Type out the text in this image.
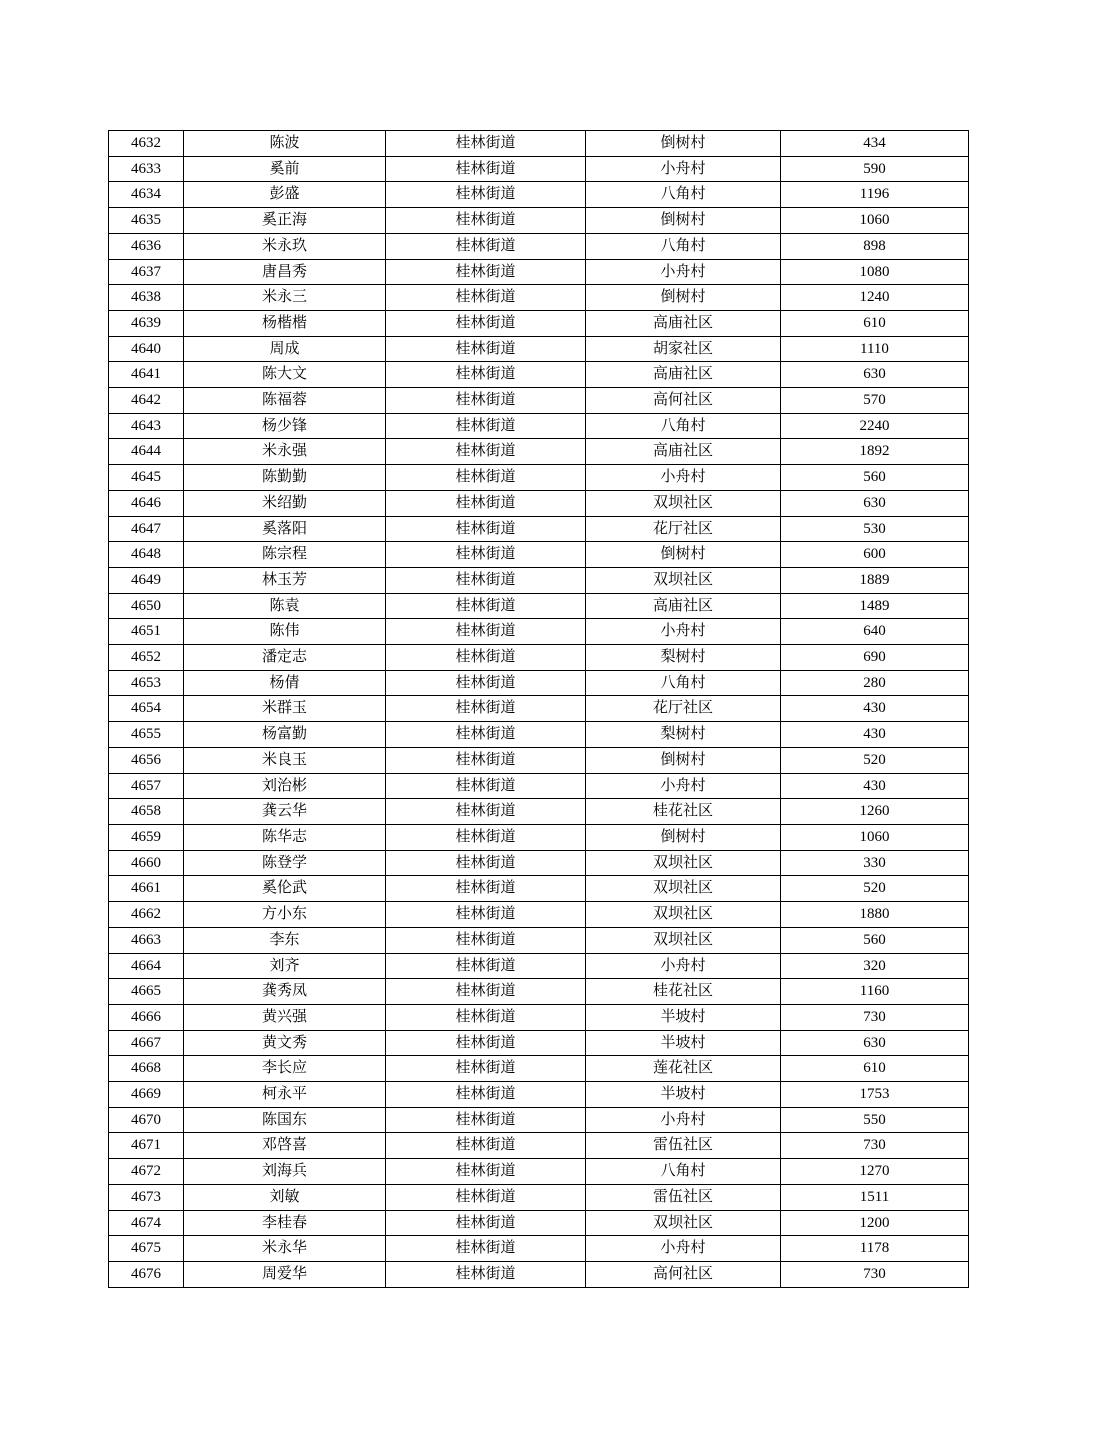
4632	陈波	桂林街道	倒树村	434
4633	奚前	桂林街道	小舟村	590
4634	彭盛	桂林街道	八角村	1196
4635	奚正海	桂林街道	倒树村	1060
4636	米永玖	桂林街道	八角村	898
4637	唐昌秀	桂林街道	小舟村	1080
4638	米永三	桂林街道	倒树村	1240
4639	杨楷楷	桂林街道	高庙社区	610
4640	周成	桂林街道	胡家社区	1110
4641	陈大文	桂林街道	高庙社区	630
4642	陈福蓉	桂林街道	高何社区	570
4643	杨少锋	桂林街道	八角村	2240
4644	米永强	桂林街道	高庙社区	1892
4645	陈勤勤	桂林街道	小舟村	560
4646	米绍勤	桂林街道	双坝社区	630
4647	奚落阳	桂林街道	花厅社区	530
4648	陈宗程	桂林街道	倒树村	600
4649	林玉芳	桂林街道	双坝社区	1889
4650	陈袁	桂林街道	高庙社区	1489
4651	陈伟	桂林街道	小舟村	640
4652	潘定志	桂林街道	梨树村	690
4653	杨倩	桂林街道	八角村	280
4654	米群玉	桂林街道	花厅社区	430
4655	杨富勤	桂林街道	梨树村	430
4656	米良玉	桂林街道	倒树村	520
4657	刘治彬	桂林街道	小舟村	430
4658	龚云华	桂林街道	桂花社区	1260
4659	陈华志	桂林街道	倒树村	1060
4660	陈登学	桂林街道	双坝社区	330
4661	奚伦武	桂林街道	双坝社区	520
4662	方小东	桂林街道	双坝社区	1880
4663	李东	桂林街道	双坝社区	560
4664	刘齐	桂林街道	小舟村	320
4665	龚秀凤	桂林街道	桂花社区	1160
4666	黄兴强	桂林街道	半坡村	730
4667	黄文秀	桂林街道	半坡村	630
4668	李长应	桂林街道	莲花社区	610
4669	柯永平	桂林街道	半坡村	1753
4670	陈国东	桂林街道	小舟村	550
4671	邓啓喜	桂林街道	雷伍社区	730
4672	刘海兵	桂林街道	八角村	1270
4673	刘敏	桂林街道	雷伍社区	1511
4674	李桂春	桂林街道	双坝社区	1200
4675	米永华	桂林街道	小舟村	1178
4676	周爱华	桂林街道	高何社区	730
